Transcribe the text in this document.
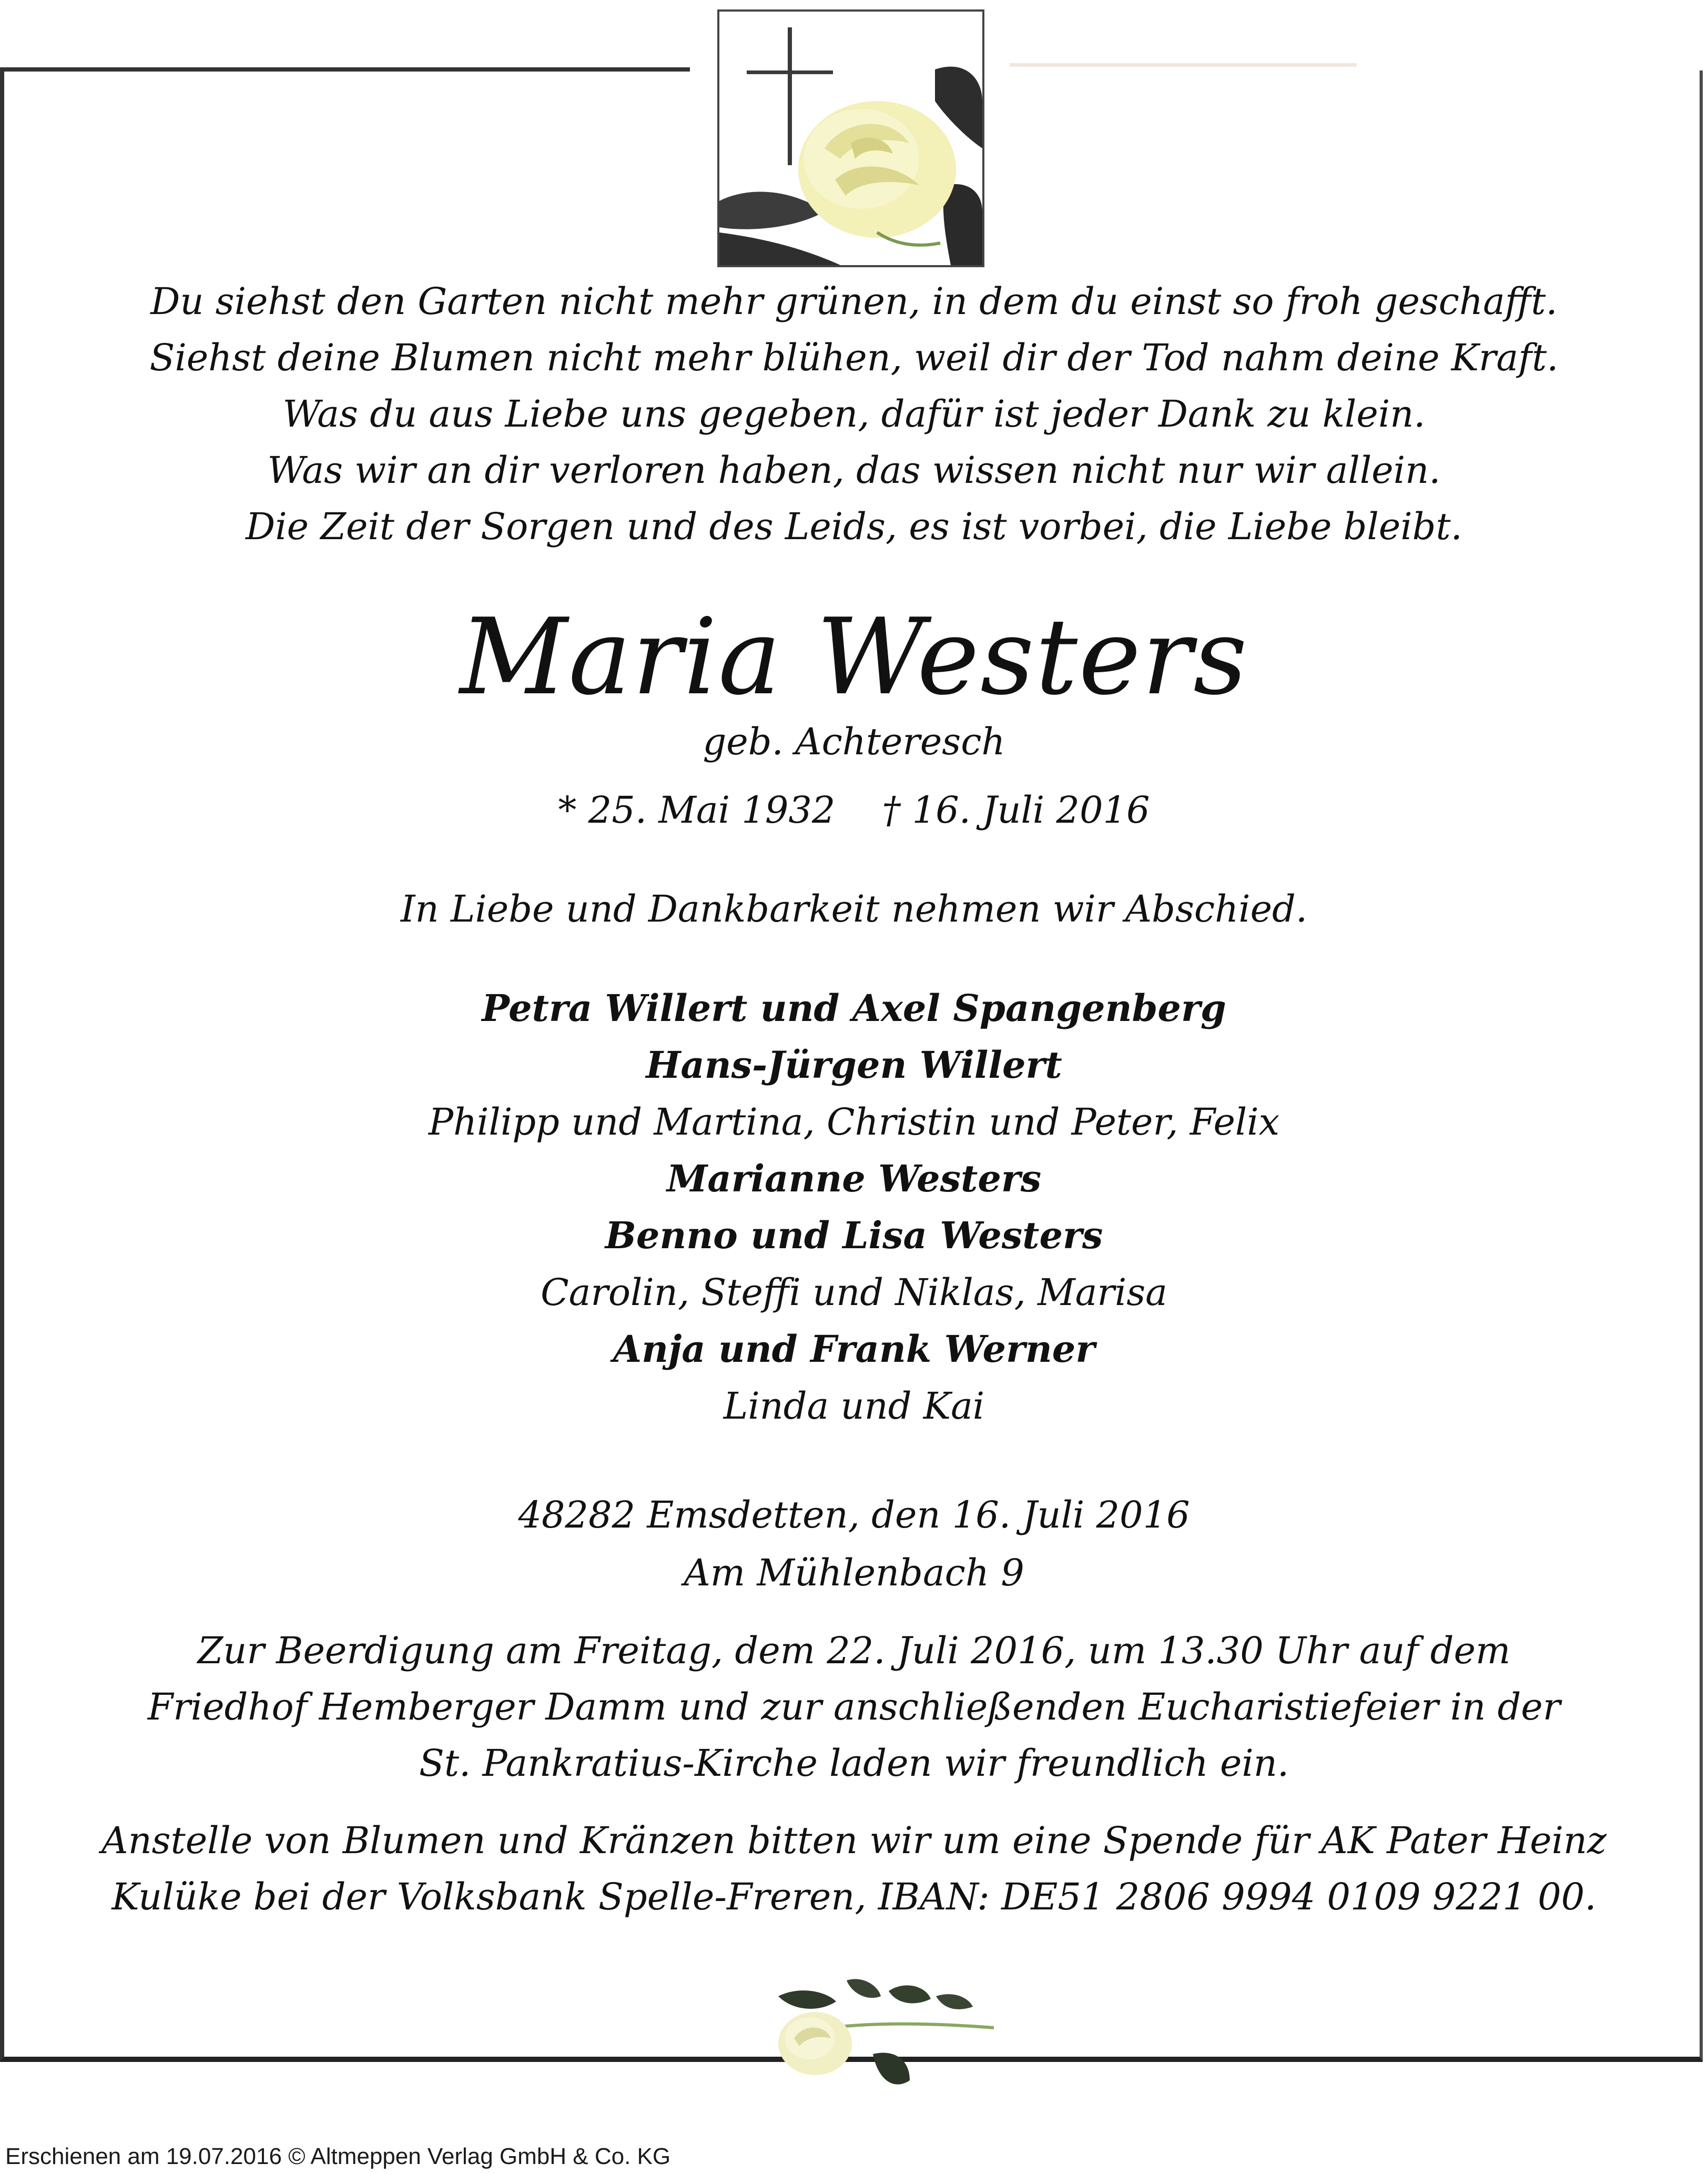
Du siehst den Garten nicht mehr grünen, in dem du einst so froh geschafft.
Siehst deine Blumen nicht mehr blühen, weil dir der Tod nahm deine Kraft.
Was du aus Liebe uns gegeben, dafür ist jeder Dank zu klein.
Was wir an dir verloren haben, das wissen nicht nur wir allein.
Die Zeit der Sorgen und des Leids, es ist vorbei, die Liebe bleibt.
Maria Westers
geb. Achteresch
* 25. Mai 1932    † 16. Juli 2016
In Liebe und Dankbarkeit nehmen wir Abschied.
Petra Willert und Axel Spangenberg
Hans-Jürgen Willert
Philipp und Martina, Christin und Peter, Felix
Marianne Westers
Benno und Lisa Westers
Carolin, Steffi und Niklas, Marisa
Anja und Frank Werner
Linda und Kai
48282 Emsdetten, den 16. Juli 2016
Am Mühlenbach 9
Zur Beerdigung am Freitag, dem 22. Juli 2016, um 13.30 Uhr auf dem
Friedhof Hemberger Damm und zur anschließenden Eucharistiefeier in der
St. Pankratius-Kirche laden wir freundlich ein.
Anstelle von Blumen und Kränzen bitten wir um eine Spende für AK Pater Heinz
Kulüke bei der Volksbank Spelle-Freren, IBAN: DE51 2806 9994 0109 9221 00.
Erschienen am 19.07.2016 © Altmeppen Verlag GmbH & Co. KG
